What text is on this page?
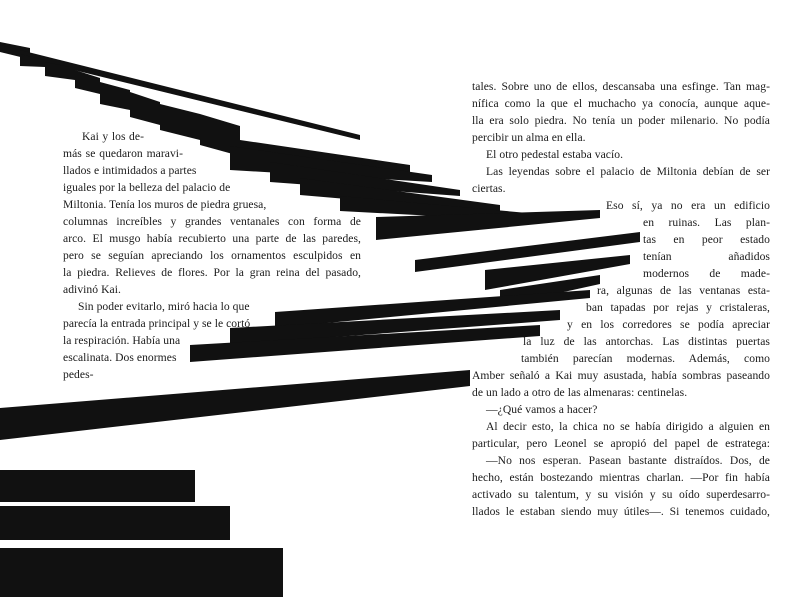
Kai y los de-
más se quedaron maravi-
llados e intimidados a partes
iguales por la belleza del palacio de
Miltonia. Tenía los muros de piedra gruesa,
columnas increíbles y grandes ventanales con forma de
arco. El musgo había recubierto una parte de las paredes,
pero se seguían apreciando los ornamentos esculpidos en
la piedra. Relieves de flores. Por la gran reina del pasado,
adivinó Kai.
Sin poder evitarlo, miró hacia lo que
parecía la entrada principal y se le cortó
la respiración. Había una
escalinata. Dos enormes
pedes-
tales. Sobre uno de ellos, descansaba una esfinge. Tan mag-
nífica como la que el muchacho ya conocía, aunque aque-
lla era solo piedra. No tenía un poder milenario. No podía
percibir un alma en ella.
El otro pedestal estaba vacío.
Las leyendas sobre el palacio de Miltonia debían de ser
ciertas.
Eso sí, ya no era un edificio
en ruinas. Las plan-
tas en peor estado
tenían añadidos
modernos de made-
ra, algunas de las ventanas esta-
ban tapadas por rejas y cristaleras,
y en los corredores se podía apreciar
la luz de las antorchas. Las distintas puertas
también parecían modernas. Además, como
Amber señaló a Kai muy asustada, había sombras paseando
de un lado a otro de las almenaras: centinelas.
—¿Qué vamos a hacer?
Al decir esto, la chica no se había dirigido a alguien en
particular, pero Leonel se apropió del papel de estratega:
—No nos esperan. Pasean bastante distraídos. Dos, de
hecho, están bostezando mientras charlan. —Por fin había
activado su talentum, y su visión y su oído superdesarro-
llados le estaban siendo muy útiles—. Si tenemos cuidado,
